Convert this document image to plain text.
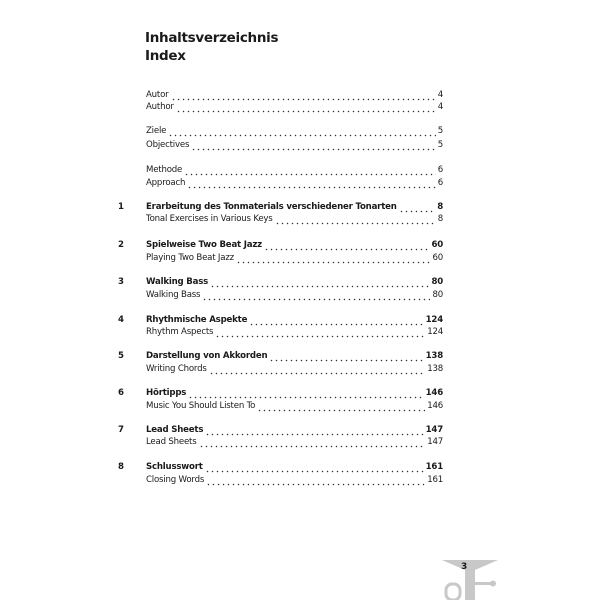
Inhaltsverzeichnis
Index
Autor	4
Author	4
Ziele	5
Objectives	5
Methode	6
Approach	6
1	Erarbeitung des Tonmaterials verschiedener Tonarten	8
Tonal Exercises in Various Keys	8
2	Spielweise Two Beat Jazz	60
Playing Two Beat Jazz	60
3	Walking Bass	80
Walking Bass	80
4	Rhythmische Aspekte	124
Rhythm Aspects	124
5	Darstellung von Akkorden	138
Writing Chords	138
6	Hörtipps	146
Music You Should Listen To	146
7	Lead Sheets	147
Lead Sheets	147
8	Schlusswort	161
Closing Words	161
3
